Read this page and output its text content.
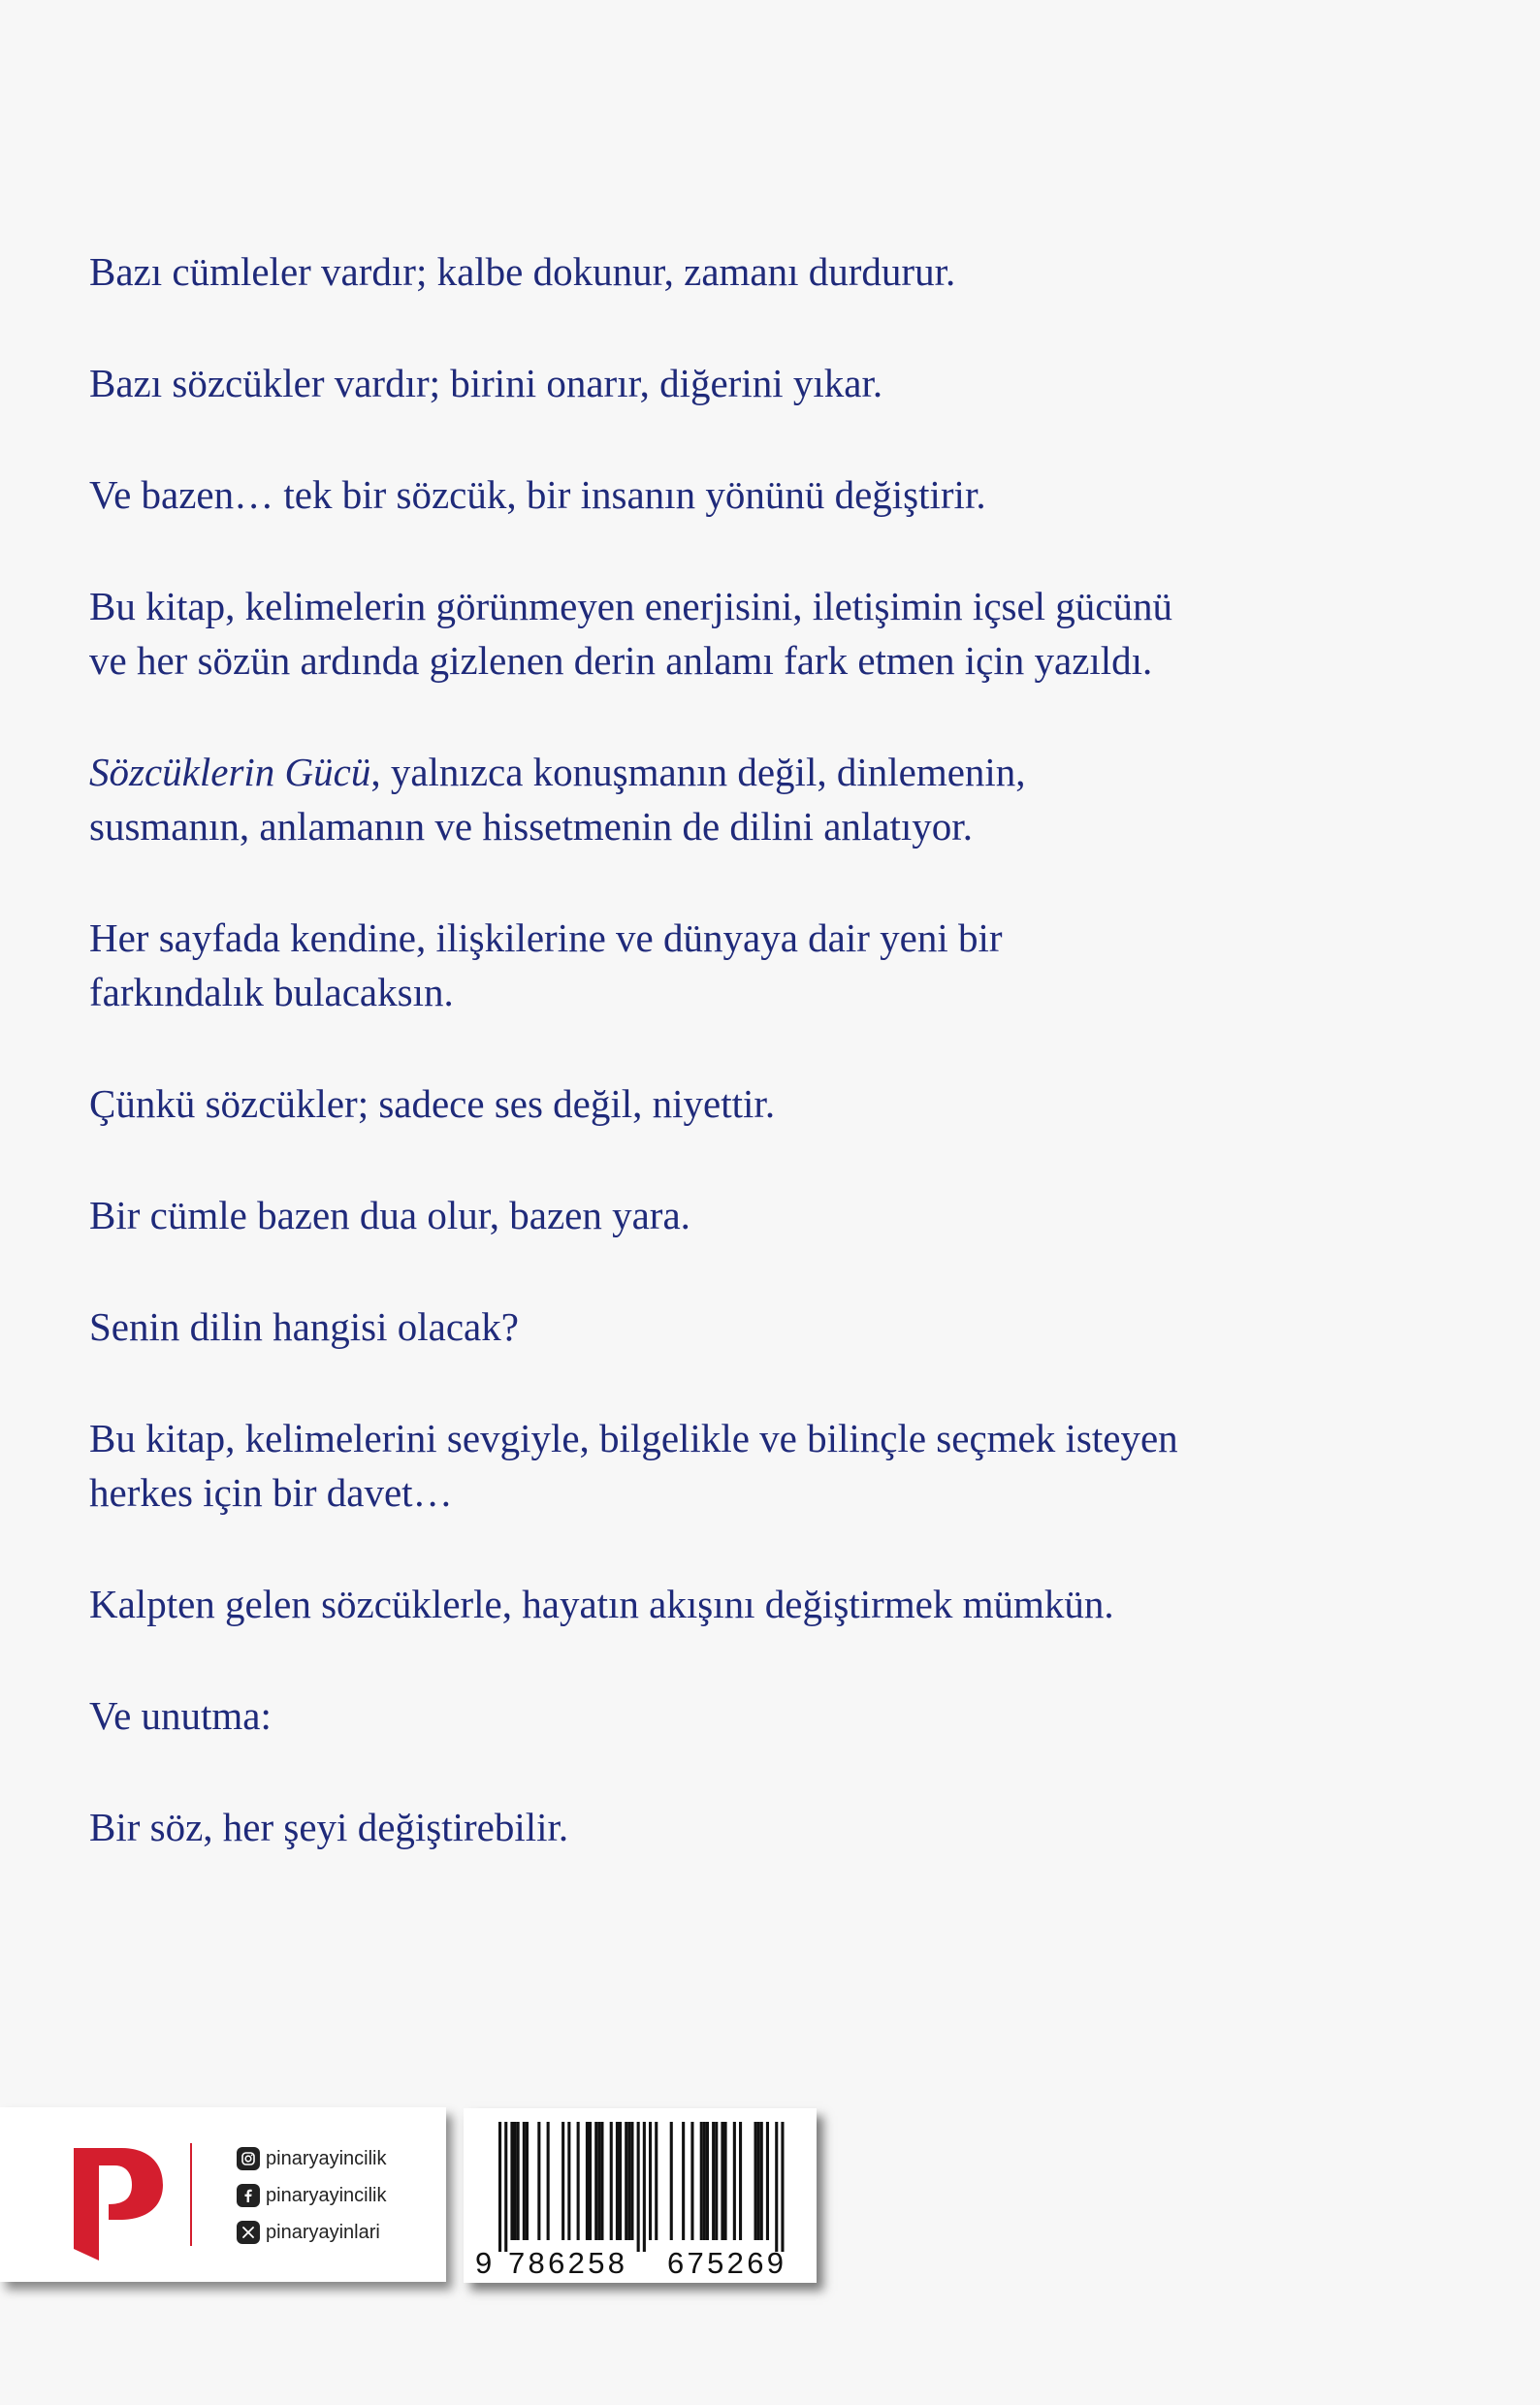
Bazı cümleler vardır; kalbe dokunur, zamanı durdurur.

Bazı sözcükler vardır; birini onarır, diğerini yıkar.

Ve bazen… tek bir sözcük, bir insanın yönünü değiştirir.

Bu kitap, kelimelerin görünmeyen enerjisini, iletişimin içsel gücünü
ve her sözün ardında gizlenen derin anlamı fark etmen için yazıldı.

Sözcüklerin Gücü, yalnızca konuşmanın değil, dinlemenin,
susmanın, anlamanın ve hissetmenin de dilini anlatıyor.

Her sayfada kendine, ilişkilerine ve dünyaya dair yeni bir
farkındalık bulacaksın.

Çünkü sözcükler; sadece ses değil, niyettir.

Bir cümle bazen dua olur, bazen yara.

Senin dilin hangisi olacak?

Bu kitap, kelimelerini sevgiyle, bilgelikle ve bilinçle seçmek isteyen
herkes için bir davet…

Kalpten gelen sözcüklerle, hayatın akışını değiştirmek mümkün.

Ve unutma:

Bir söz, her şeyi değiştirebilir.

pinaryayincilik
pinaryayincilik
pinaryayinlari
9 786258 675269
